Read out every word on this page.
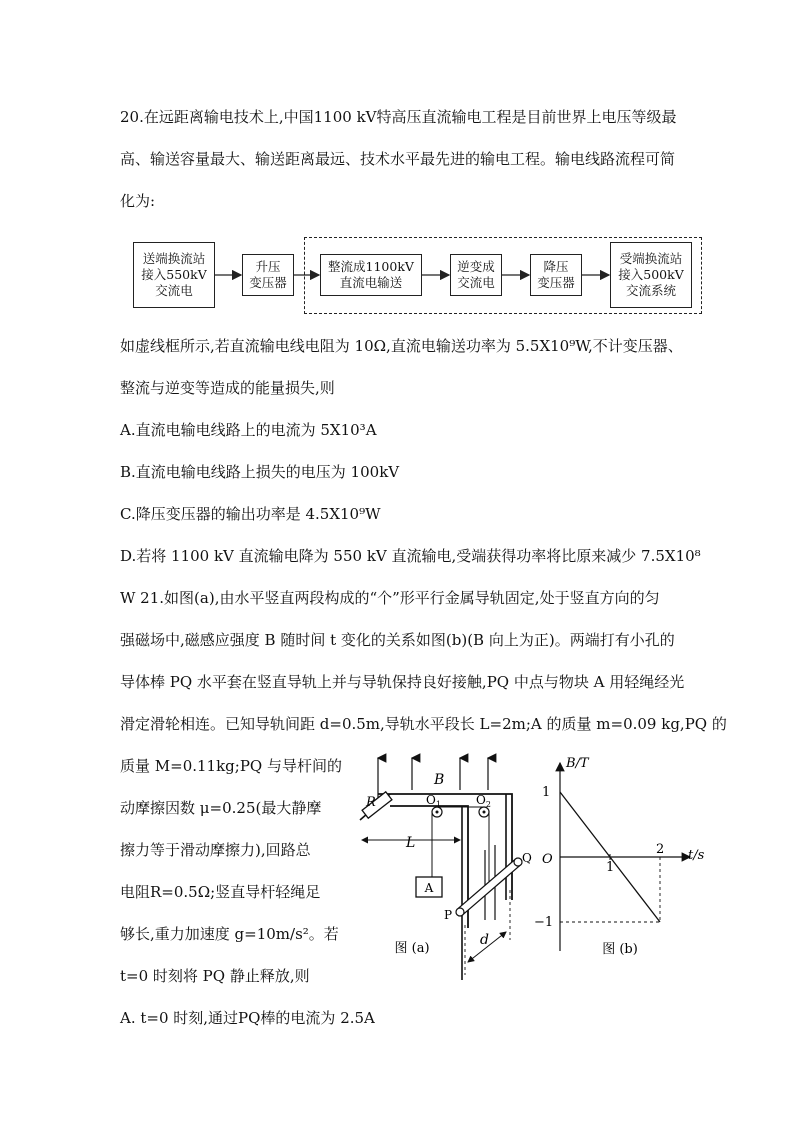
20.在远距离输电技术上,中国1100 kV特高压直流输电工程是目前世界上电压等级最
高、输送容量最大、输送距离最远、技术水平最先进的输电工程。输电线路流程可简
化为:
送端换流站
接入550kV
交流电
升压
变压器
整流成1100kV
直流电输送
逆变成
交流电
降压
变压器
受端换流站
接入500kV
交流系统
如虚线框所示,若直流输电线电阻为 10Ω,直流电输送功率为 5.5X10⁹W,不计变压器、
整流与逆变等造成的能量损失,则
A.直流电输电线路上的电流为 5X10³A
B.直流电输电线路上损失的电压为 100kV
C.降压变压器的输出功率是 4.5X10⁹W
D.若将 1100 kV 直流输电降为 550 kV 直流输电,受端获得功率将比原来减少 7.5X10⁸
W 21.如图(a),由水平竖直两段构成的“个”形平行金属导轨固定,处于竖直方向的匀
强磁场中,磁感应强度 B 随时间 t 变化的关系如图(b)(B 向上为正)。两端打有小孔的
导体棒 PQ 水平套在竖直导轨上并与导轨保持良好接触,PQ 中点与物块 A 用轻绳经光
滑定滑轮相连。已知导轨间距 d=0.5m,导轨水平段长 L=2m;A 的质量 m=0.09 kg,PQ 的
质量 M=0.11kg;PQ 与导杆间的
动摩擦因数 μ=0.25(最大静摩
擦力等于滑动摩擦力),回路总
电阻R=0.5Ω;竖直导杆轻绳足
够长,重力加速度 g=10m/s²。若
t=0 时刻将 PQ 静止释放,则
A. t=0 时刻,通过PQ棒的电流为 2.5A
R
B
$O_1$	$O_2$
A
L
Q
P
d
图 (a)
B/T
t/s
O
1
2
1
−1
图 (b)
